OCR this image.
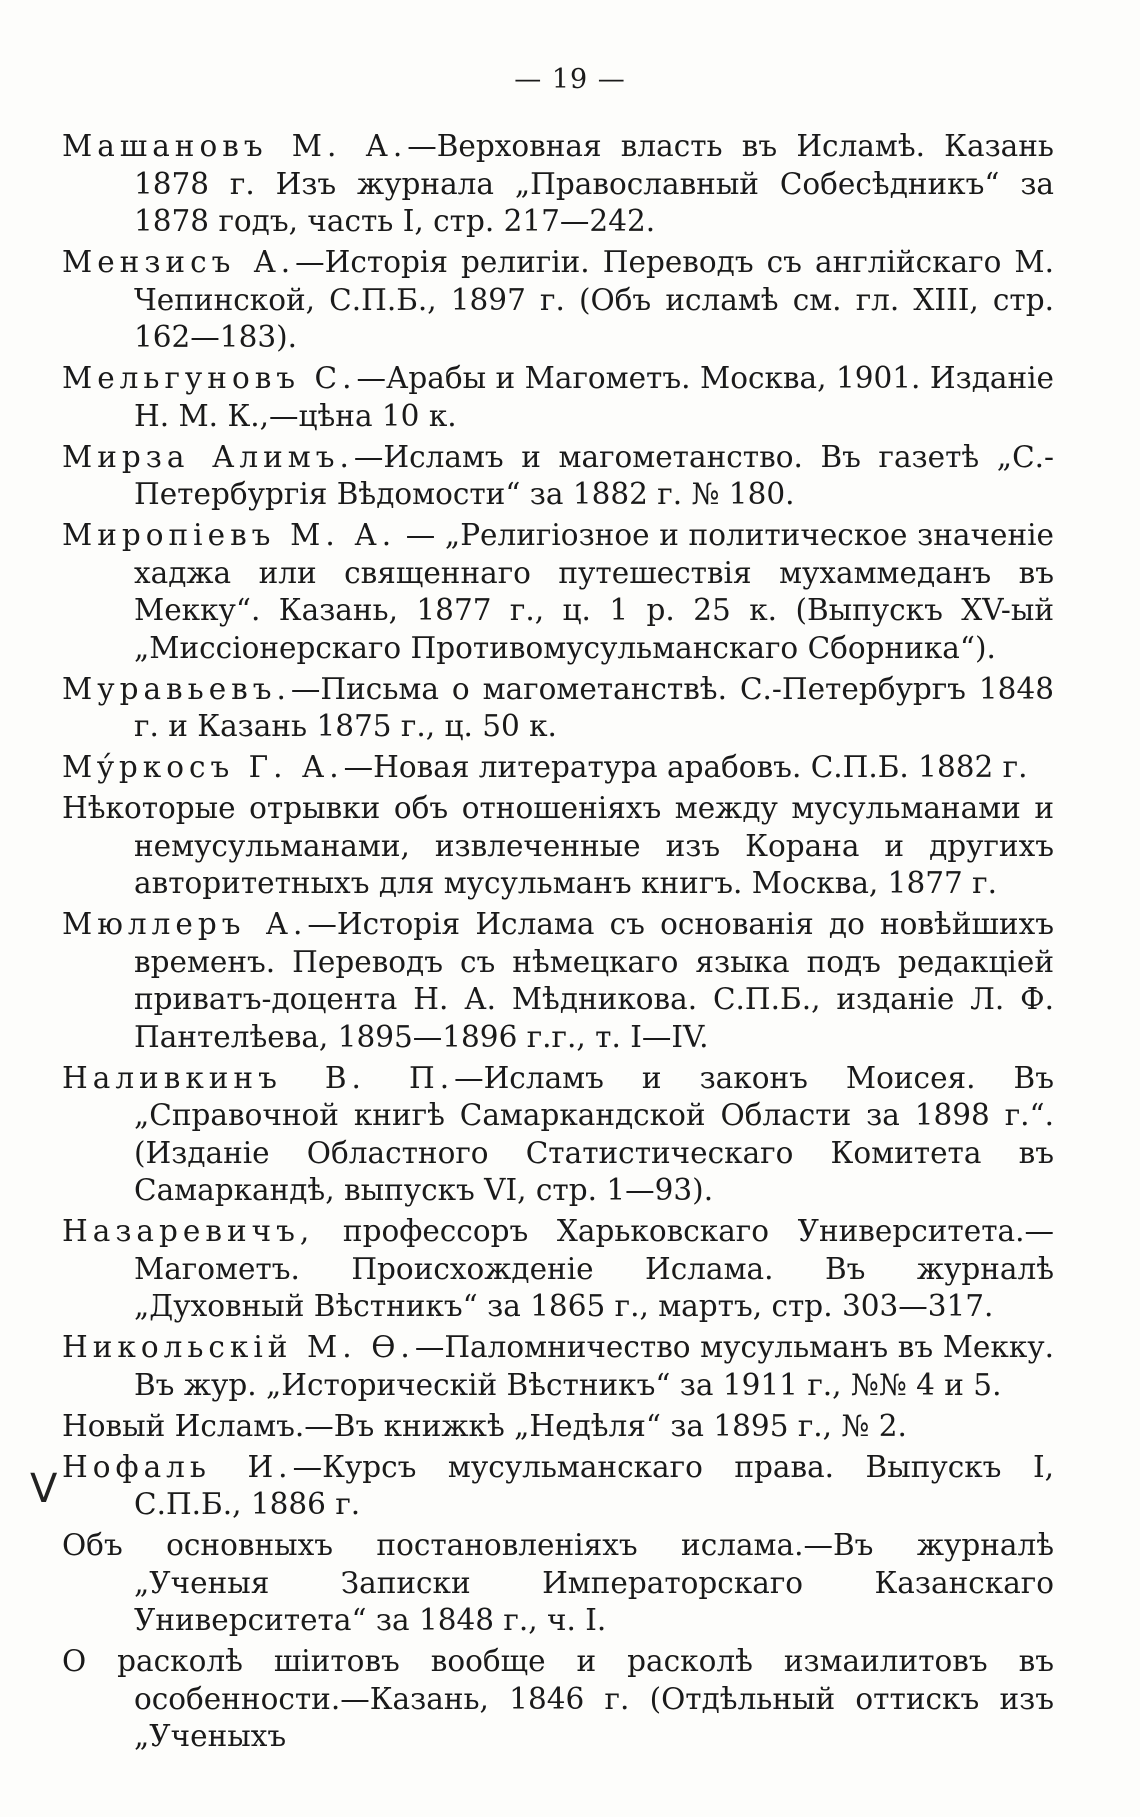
— 19 —
Машановъ М. А.—Верховная власть въ Исламѣ. Казань 1878 г. Изъ журнала „Православный Собесѣдникъ“ за 1878 годъ, часть I, стр. 217—242.
Мензисъ А.—Исторія религіи. Переводъ съ англійскаго М. Чепинской, С.П.Б., 1897 г. (Объ исламѣ см. гл. XIII, стр. 162—183).
Мельгуновъ С.—Арабы и Магометъ. Москва, 1901. Изданіе Н. М. К.,—цѣна 10 к.
Мирза Алимъ.—Исламъ и магометанство. Въ газетѣ „С.-Петербургія Вѣдомости“ за 1882 г. № 180.
Миропіевъ М. А. — „Религіозное и политическое значеніе хаджа или священнаго путешествія мухаммеданъ въ Мекку“. Казань, 1877 г., ц. 1 р. 25 к. (Выпускъ XV-ый „Миссіонерскаго Противомусульманскаго Сборника“).
Муравьевъ.—Письма о магометанствѣ. С.-Петербургъ 1848 г. и Казань 1875 г., ц. 50 к.
Мýркосъ Г. А.—Новая литература арабовъ. С.П.Б. 1882 г.
Нѣкоторые отрывки объ отношеніяхъ между мусульманами и немусульманами, извлеченные изъ Корана и другихъ авторитетныхъ для мусульманъ книгъ. Москва, 1877 г.
Мюллеръ А.—Исторія Ислама съ основанія до новѣйшихъ временъ. Переводъ съ нѣмецкаго языка подъ редакціей приватъ-доцента Н. А. Мѣдникова. С.П.Б., изданіе Л. Ф. Пантелѣева, 1895—1896 г.г., т. I—IV.
Наливкинъ В. П.—Исламъ и законъ Моисея. Въ „Справочной книгѣ Самаркандской Области за 1898 г.“. (Изданіе Областного Статистическаго Комитета въ Самаркандѣ, выпускъ VI, стр. 1—93).
Назаревичъ, профессоръ Харьковскаго Университета.—Магометъ. Происхожденіе Ислама. Въ журналѣ „Духовный Вѣстникъ“ за 1865 г., мартъ, стр. 303—317.
Никольскій М. Ѳ.—Паломничество мусульманъ въ Мекку. Въ жур. „Историческій Вѣстникъ“ за 1911 г., №№ 4 и 5.
Новый Исламъ.—Въ книжкѣ „Недѣля“ за 1895 г., № 2.
Нофаль И.—Курсъ мусульманскаго права. Выпускъ I, С.П.Б., 1886 г.
Объ основныхъ постановленіяхъ ислама.—Въ журналѣ „Ученыя Записки Императорскаго Казанскаго Университета“ за 1848 г., ч. I.
О расколѣ шіитовъ вообще и расколѣ измаилитовъ въ особенности.—Казань, 1846 г. (Отдѣльный оттискъ изъ „Ученыхъ
V
